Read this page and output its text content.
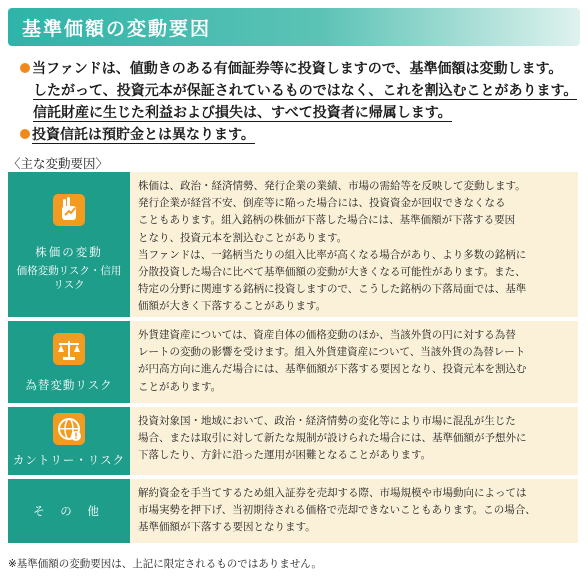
基準価額の変動要因
当ファンドは、値動きのある有価証券等に投資しますので、基準価額は変動します。
したがって、投資元本が保証されているものではなく、これを割込むことがあります。
信託財産に生じた利益および損失は、すべて投資者に帰属します。
投資信託は預貯金とは異なります。
〈主な変動要因〉
株価の変動
価格変動リスク・信用リスク
株価は、政治・経済情勢、発行企業の業績、市場の需給等を反映して変動します。
発行企業が経営不安、倒産等に陥った場合には、投資資金が回収できなくなる
こともあります。組入銘柄の株価が下落した場合には、基準価額が下落する要因
となり、投資元本を割込むことがあります。
当ファンドは、一銘柄当たりの組入比率が高くなる場合があり、より多数の銘柄に
分散投資した場合に比べて基準価額の変動が大きくなる可能性があります。また、
特定の分野に関連する銘柄に投資しますので、こうした銘柄の下落局面では、基準
価額が大きく下落することがあります。
為替変動リスク
外貨建資産については、資産自体の価格変動のほか、当該外貨の円に対する為替
レートの変動の影響を受けます。組入外貨建資産について、当該外貨の為替レート
が円高方向に進んだ場合には、基準価額が下落する要因となり、投資元本を割込む
ことがあります。
カントリー・リスク
投資対象国・地域において、政治・経済情勢の変化等により市場に混乱が生じた
場合、または取引に対して新たな規制が設けられた場合には、基準価額が予想外に
下落したり、方針に沿った運用が困難となることがあります。
そ の 他
解約資金を手当てするため組入証券を売却する際、市場規模や市場動向によっては
市場実勢を押下げ、当初期待される価格で売却できないこともあります。この場合、
基準価額が下落する要因となります。
※基準価額の変動要因は、上記に限定されるものではありません。
